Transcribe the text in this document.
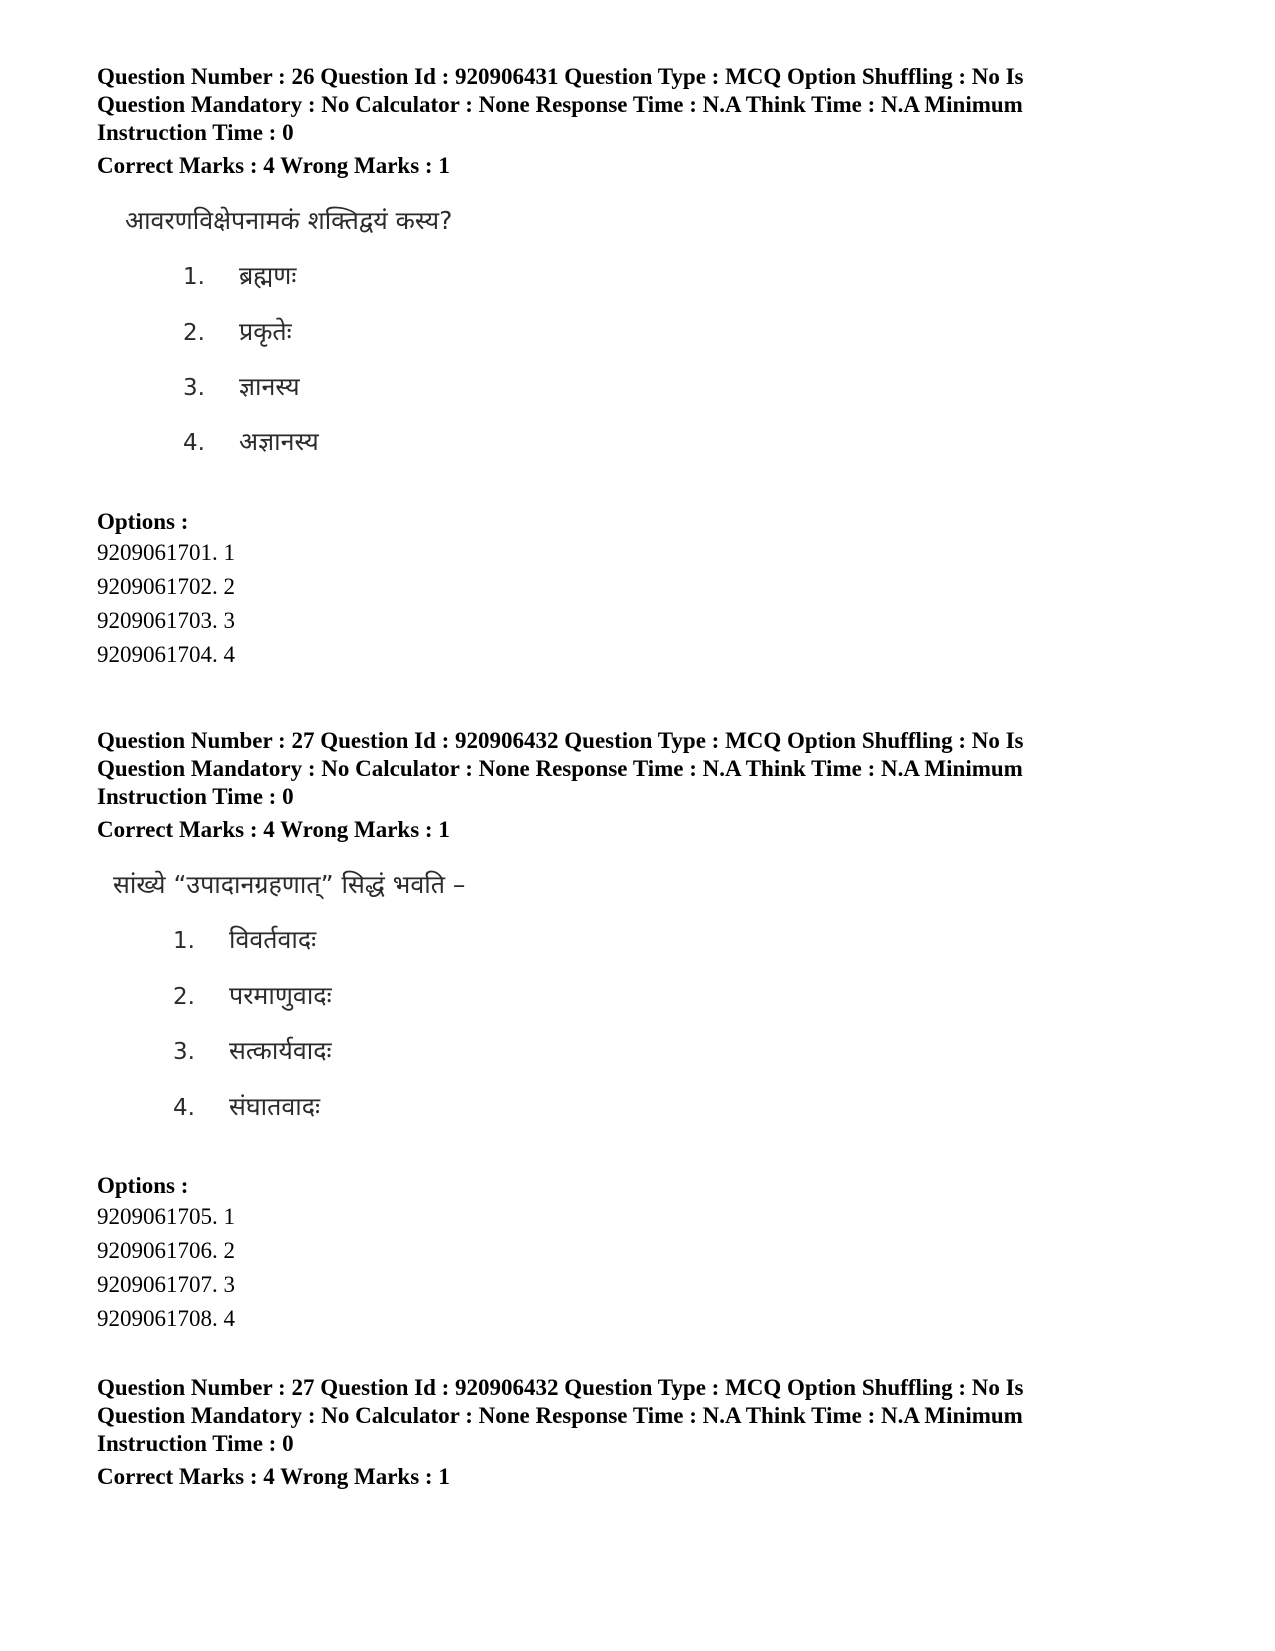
Question Number : 26 Question Id : 920906431 Question Type : MCQ Option Shuffling : No Is Question Mandatory : No Calculator : None Response Time : N.A Think Time : N.A Minimum Instruction Time : 0

Correct Marks : 4 Wrong Marks : 1
आवरणविक्षेपनामकं शक्तिद्वयं कस्य?
1. ब्रह्मणः
2. प्रकृतेः
3. ज्ञानस्य
4. अज्ञानस्य
Options :
9209061701. 1
9209061702. 2
9209061703. 3
9209061704. 4

Question Number : 27 Question Id : 920906432 Question Type : MCQ Option Shuffling : No Is Question Mandatory : No Calculator : None Response Time : N.A Think Time : N.A Minimum Instruction Time : 0

Correct Marks : 4 Wrong Marks : 1
सांख्ये “उपादानग्रहणात्” सिद्धं भवति –
1. विवर्तवादः
2. परमाणुवादः
3. सत्कार्यवादः
4. संघातवादः
Options :
9209061705. 1
9209061706. 2
9209061707. 3
9209061708. 4

Question Number : 27 Question Id : 920906432 Question Type : MCQ Option Shuffling : No Is Question Mandatory : No Calculator : None Response Time : N.A Think Time : N.A Minimum Instruction Time : 0

Correct Marks : 4 Wrong Marks : 1
